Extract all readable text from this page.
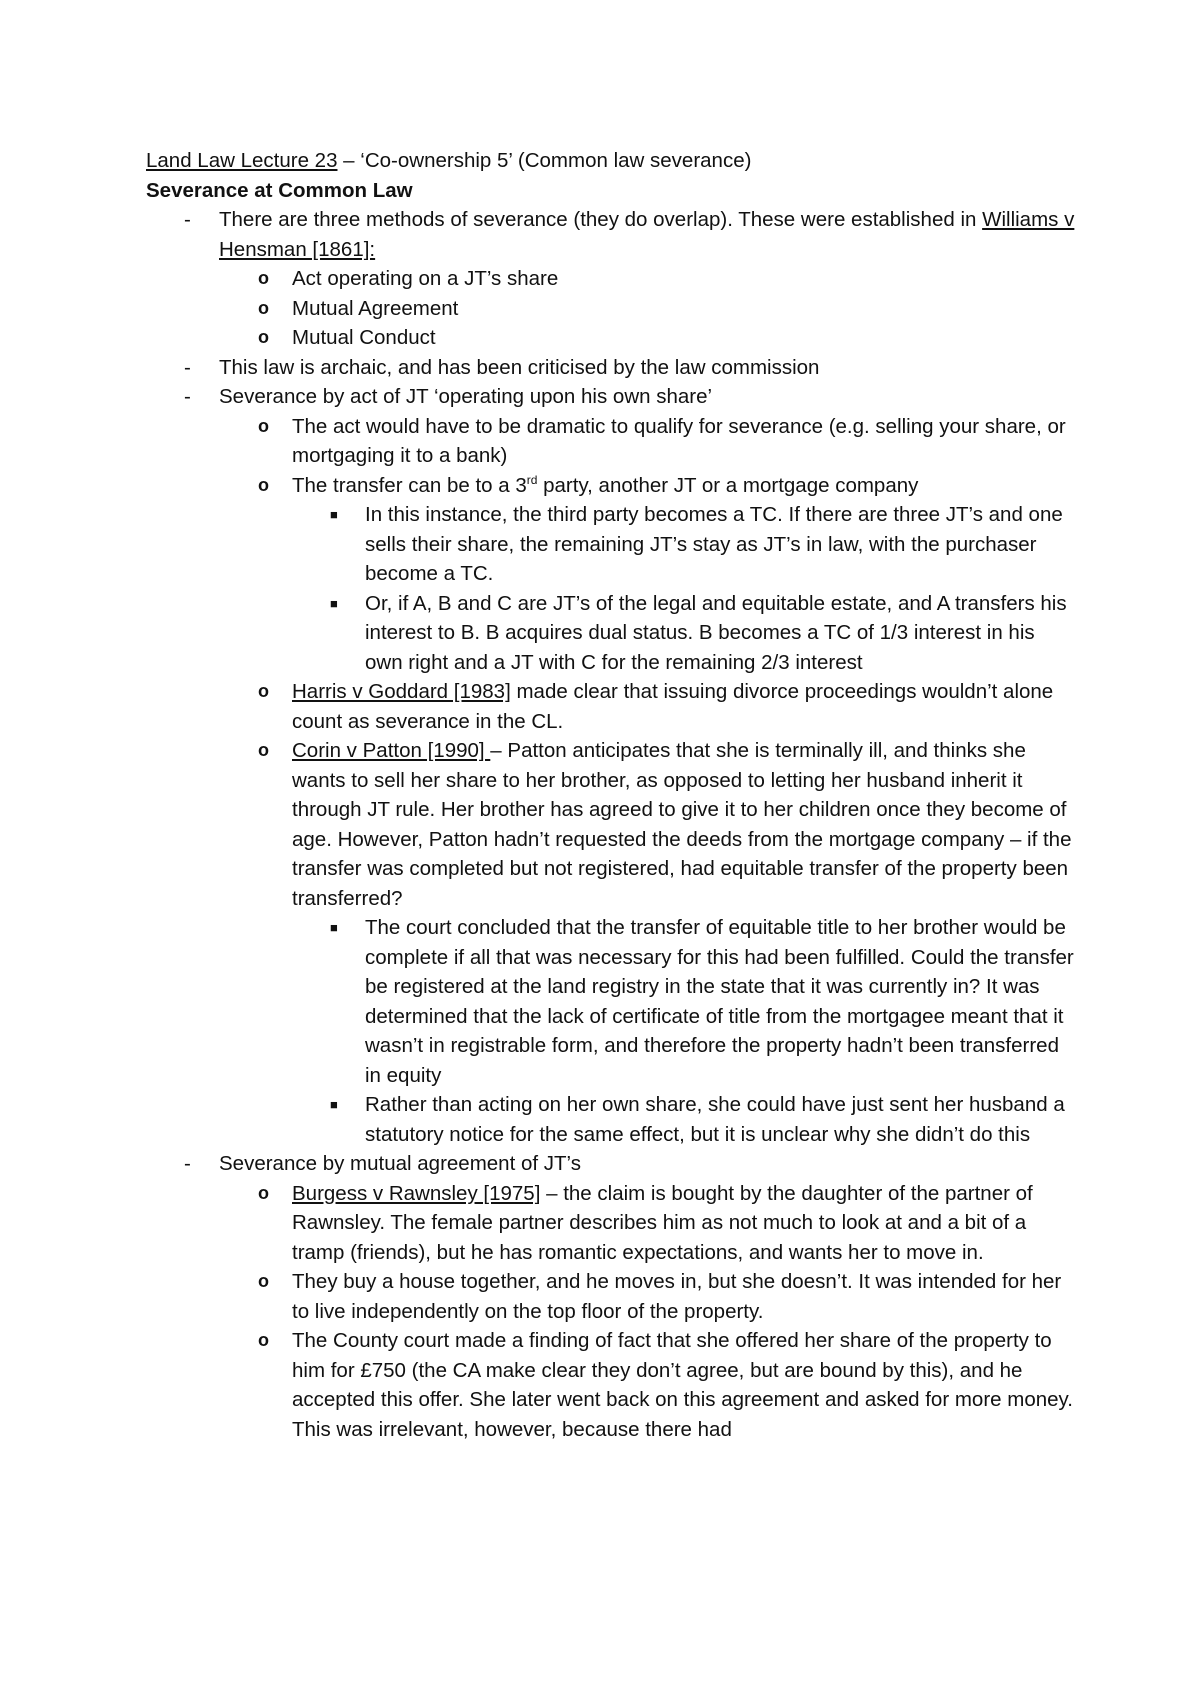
Land Law Lecture 23 – ‘Co-ownership 5’ (Common law severance)

Severance at Common Law

- There are three methods of severance (they do overlap). These were established in Williams v Hensman [1861]:
o Act operating on a JT’s share
o Mutual Agreement
o Mutual Conduct
- This law is archaic, and has been criticised by the law commission
- Severance by act of JT ‘operating upon his own share’
o The act would have to be dramatic to qualify for severance (e.g. selling your share, or mortgaging it to a bank)
o The transfer can be to a 3rd party, another JT or a mortgage company
■ In this instance, the third party becomes a TC. If there are three JT’s and one sells their share, the remaining JT’s stay as JT’s in law, with the purchaser become a TC.
■ Or, if A, B and C are JT’s of the legal and equitable estate, and A transfers his interest to B. B acquires dual status. B becomes a TC of 1/3 interest in his own right and a JT with C for the remaining 2/3 interest
o Harris v Goddard [1983] made clear that issuing divorce proceedings wouldn’t alone count as severance in the CL.
o Corin v Patton [1990] – Patton anticipates that she is terminally ill, and thinks she wants to sell her share to her brother, as opposed to letting her husband inherit it through JT rule. Her brother has agreed to give it to her children once they become of age. However, Patton hadn’t requested the deeds from the mortgage company – if the transfer was completed but not registered, had equitable transfer of the property been transferred?
■ The court concluded that the transfer of equitable title to her brother would be complete if all that was necessary for this had been fulfilled. Could the transfer be registered at the land registry in the state that it was currently in? It was determined that the lack of certificate of title from the mortgagee meant that it wasn’t in registrable form, and therefore the property hadn’t been transferred in equity
■ Rather than acting on her own share, she could have just sent her husband a statutory notice for the same effect, but it is unclear why she didn’t do this
- Severance by mutual agreement of JT’s
o Burgess v Rawnsley [1975] – the claim is bought by the daughter of the partner of Rawnsley. The female partner describes him as not much to look at and a bit of a tramp (friends), but he has romantic expectations, and wants her to move in.
o They buy a house together, and he moves in, but she doesn’t. It was intended for her to live independently on the top floor of the property.
o The County court made a finding of fact that she offered her share of the property to him for £750 (the CA make clear they don’t agree, but are bound by this), and he accepted this offer. She later went back on this agreement and asked for more money. This was irrelevant, however, because there had
